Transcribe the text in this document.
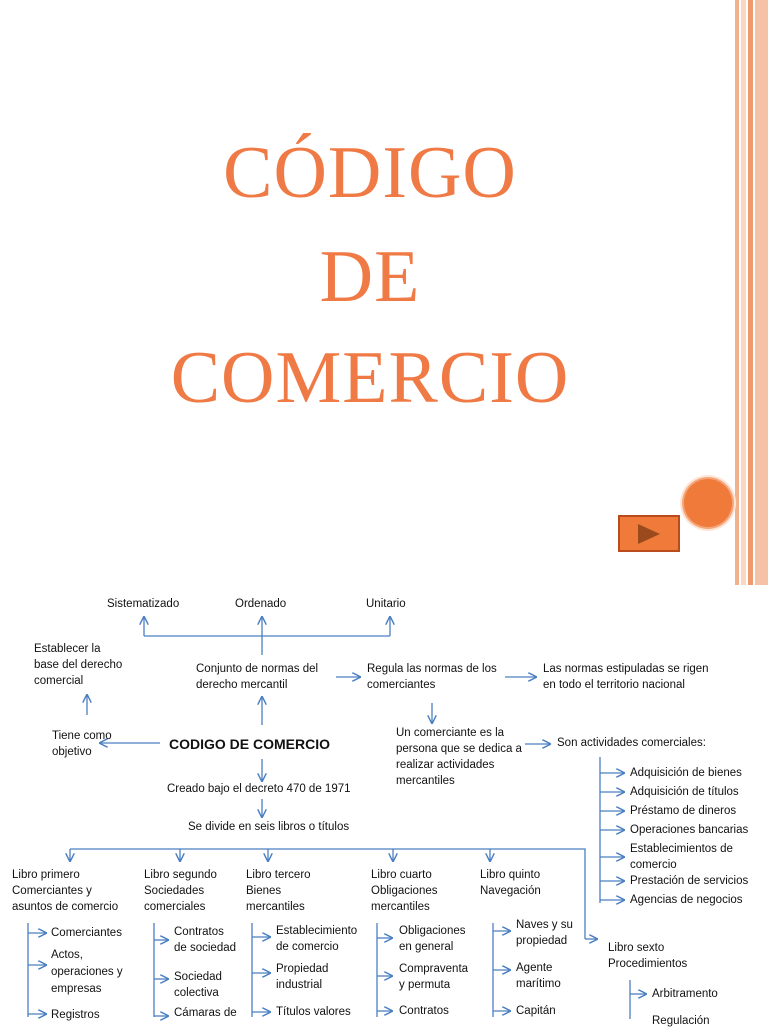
CÓDIGO
DE
COMERCIO
Sistematizado	Ordenado	Unitario
Establecer la
base del derecho
comercial
Tiene como
objetivo
Conjunto de normas del
derecho mercantil
Regula las normas de los
comerciantes
Las normas estipuladas se rigen
en todo el territorio nacional
CODIGO DE COMERCIO
Un comerciante es la
persona que se dedica a
realizar actividades
mercantiles
Son actividades comerciales:
Adquisición de bienes
Adquisición de títulos
Préstamo de dineros
Operaciones bancarias
Establecimientos de
comercio
Prestación de servicios
Agencias de negocios
Creado bajo el decreto 470 de 1971
Se divide en seis libros o títulos
Libro primero
Comerciantes y
asuntos de comercio
Comerciantes
Actos,
operaciones y
empresas
Registros
Libro segundo
Sociedades
comerciales
Contratos
de sociedad
Sociedad
colectiva
Cámaras de
Libro tercero
Bienes
mercantiles
Establecimiento
de comercio
Propiedad
industrial
Títulos valores
Libro cuarto
Obligaciones
mercantiles
Obligaciones
en general
Compraventa
y permuta
Contratos
Libro quinto
Navegación
Naves y su
propiedad
Agente
marítimo
Capitán
Libro sexto
Procedimientos
Arbitramento
Regulación
